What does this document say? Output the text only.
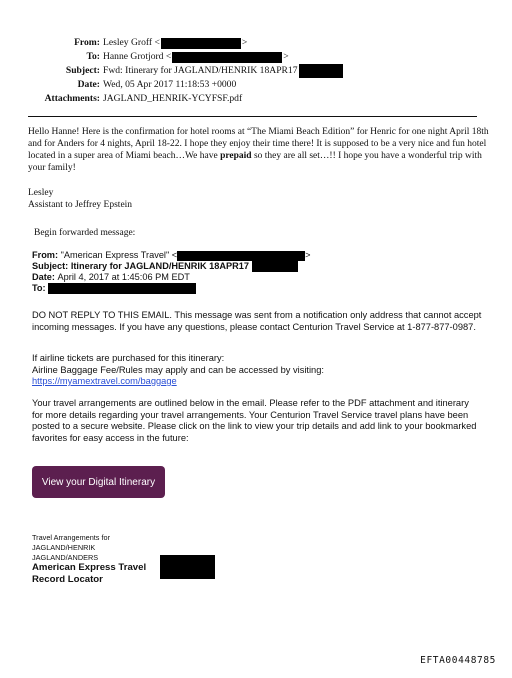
From: Lesley Groff <	>
To: Hanne Grotjord <	>
Subject: Fwd: Itinerary for JAGLAND/HENRIK 18APR17
Date: Wed, 05 Apr 2017 11:18:53 +0000
Attachments: JAGLAND_HENRIK-YCYFSF.pdf

Hello Hanne! Here is the confirmation for hotel rooms at “The Miami Beach Edition” for Henric for one night April 18th and for Anders for 4 nights, April 18-22. I hope they enjoy their time there! It is supposed to be a very nice and fun hotel located in a super area of Miami beach…We have prepaid so they are all set…!! I hope you have a wonderful trip with your family!

Lesley
Assistant to Jeffrey Epstein
Begin forwarded message:
From:
"American Express Travel" <	>
Subject:
Itinerary for JAGLAND/HENRIK 18APR17

Date:
April 4, 2017 at 1:45:06 PM EDT
To:

DO NOT REPLY TO THIS EMAIL. This message was sent from a notification only address that cannot accept incoming messages. If you have any questions, please contact Centurion Travel Service at 1-877-877-0987.

If airline tickets are purchased for this itinerary:
Airline Baggage Fee/Rules may apply and can be accessed by visiting:
https://myamextravel.com/baggage

Your travel arrangements are outlined below in the email. Please refer to the PDF attachment and itinerary for more details regarding your travel arrangements. Your Centurion Travel Service travel plans have been posted to a secure website. Please click on the link to view your trip details and add link to your bookmarked favorites for easy access in the future:

View your Digital Itinerary
Travel Arrangements for
JAGLAND/HENRIK
JAGLAND/ANDERS
American Express Travel
Record Locator
EFTA00448785
